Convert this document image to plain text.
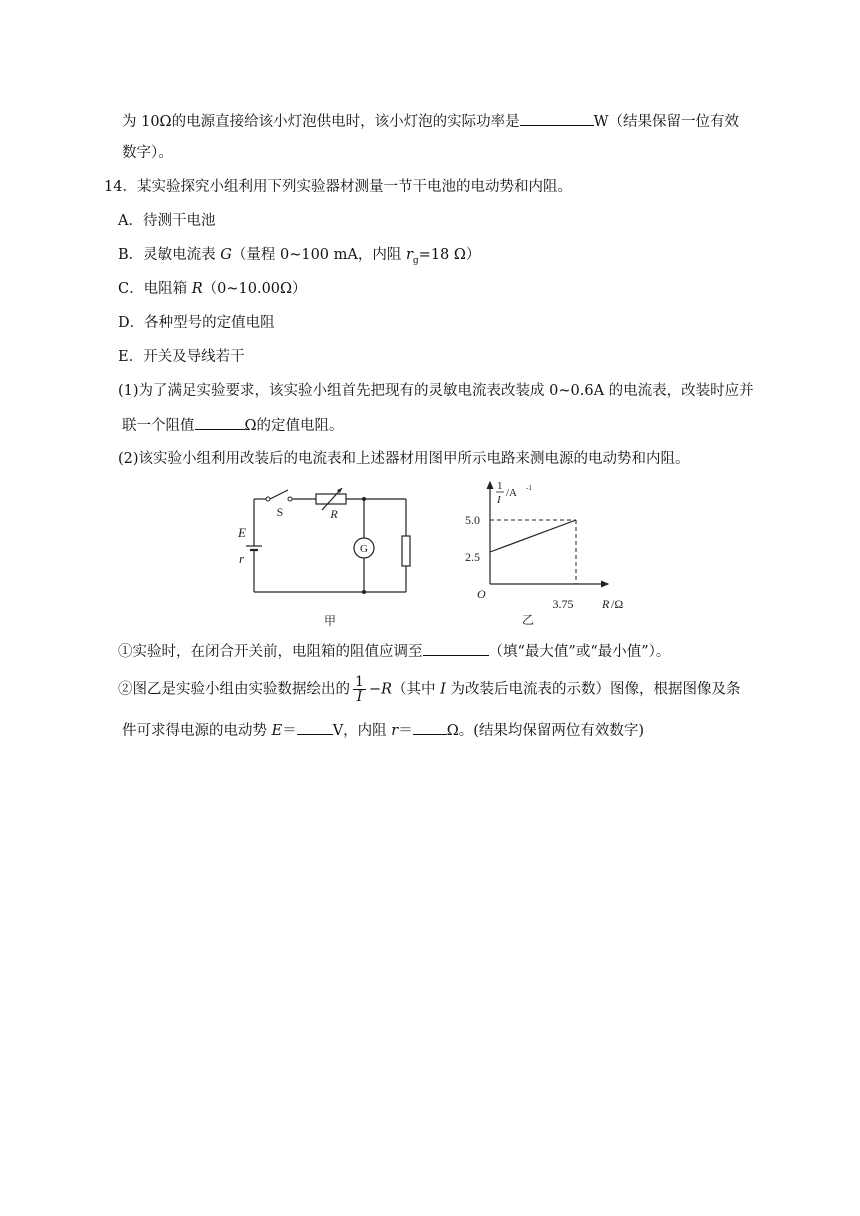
为 10Ω的电源直接给该小灯泡供电时，该小灯泡的实际功率是	W（结果保留一位有效
数字）。
14．某实验探究小组利用下列实验器材测量一节干电池的电动势和内阻。
A．待测干电池
B．灵敏电流表 G（量程 0~100 mA，内阻 $r_g=18$ Ω）
C．电阻箱 R（0~10.00Ω）
D．各种型号的定值电阻
E．开关及导线若干
(1)为了满足实验要求，该实验小组首先把现有的灵敏电流表改装成 0~0.6A 的电流表，改装时应并
联一个阻值	Ω的定值电阻。
(2)该实验小组利用改装后的电流表和上述器材用图甲所示电路来测电源的电动势和内阻。
G
S	R
E
r
甲
1
I
/A -1
5.0
2.5
O
3.75 R /Ω
乙
①实验时，在闭合开关前，电阻箱的阻值应调至	（填“最大值”或“最小值”）。
②图乙是实验小组由实验数据绘出的 $\frac{1}{I} -R$（其中 I 为改装后电流表的示数）图像，根据图像及条
件可求得电源的电动势 E＝ V，内阻 r＝ Ω。(结果均保留两位有效数字)
